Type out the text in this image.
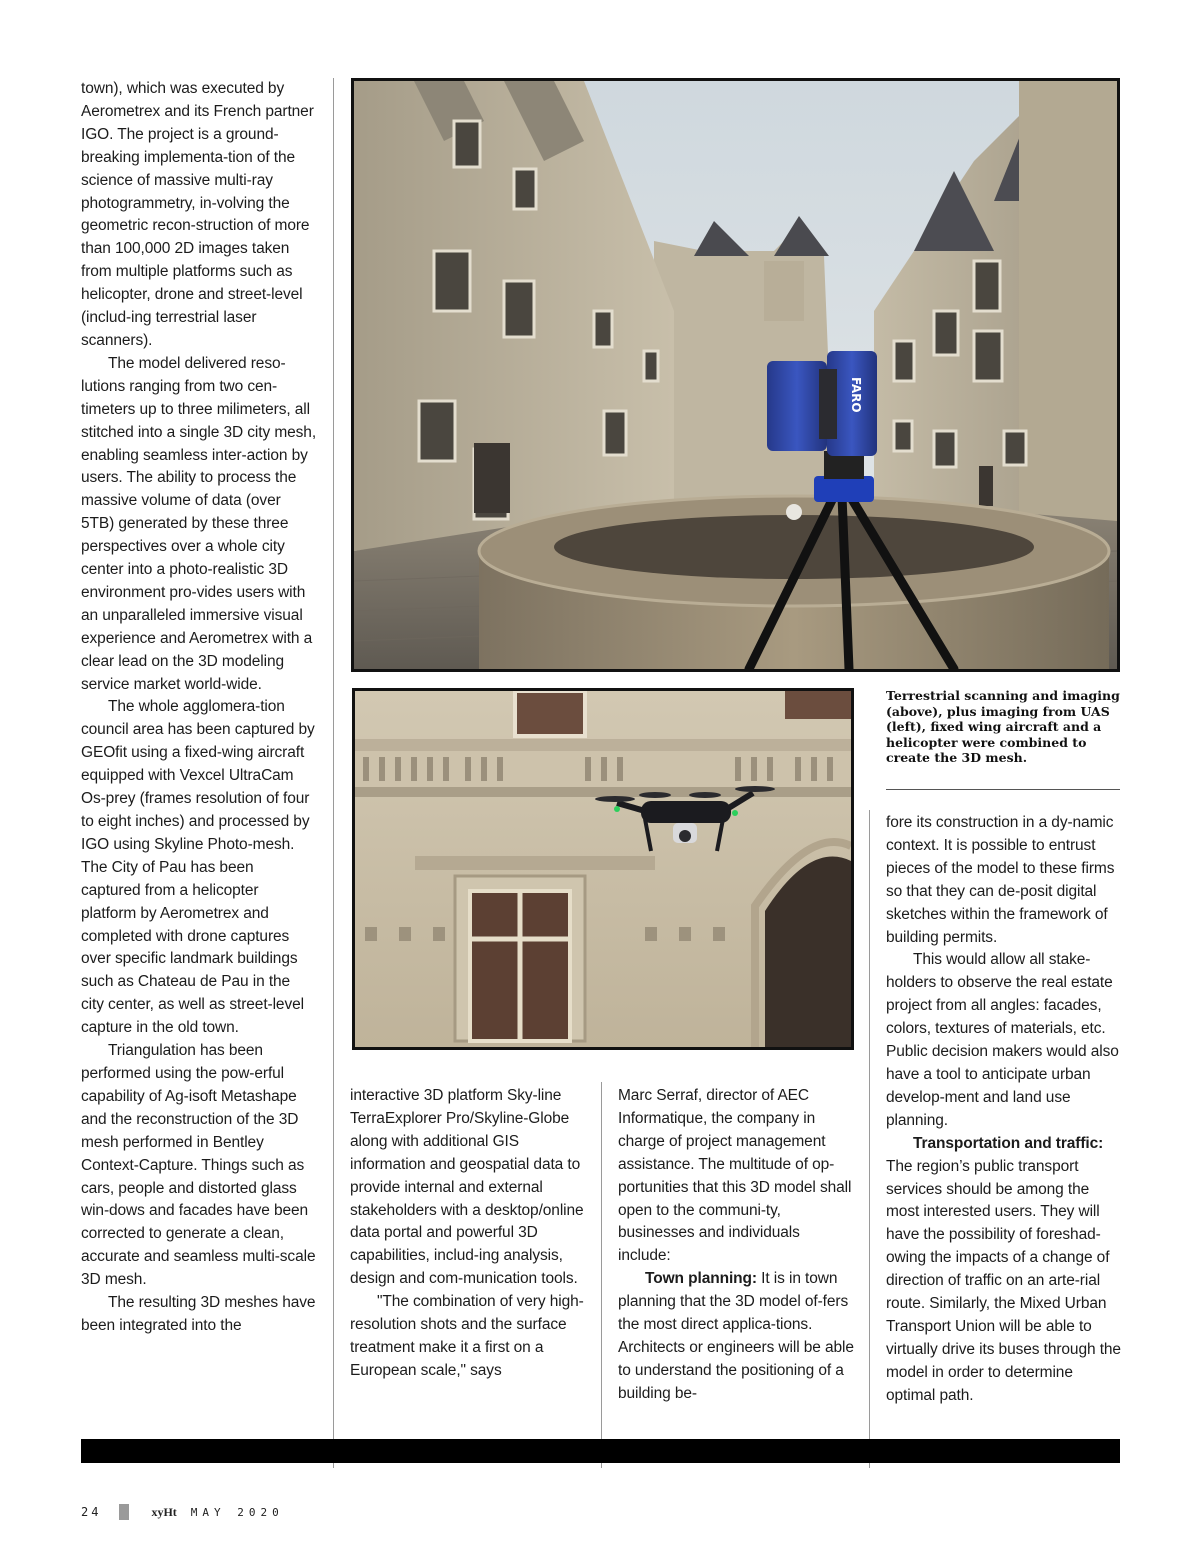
town), which was executed by Aerometrex and its French partner IGO. The project is a ground-breaking implementa-tion of the science of massive multi-ray photogrammetry, in-volving the geometric recon-struction of more than 100,000 2D images taken from multiple platforms such as helicopter, drone and street-level (includ-ing terrestrial laser scanners).

The model delivered reso-lutions ranging from two cen-timeters up to three milimeters, all stitched into a single 3D city mesh, enabling seamless inter-action by users. The ability to process the massive volume of data (over 5TB) generated by these three perspectives over a whole city center into a photo-realistic 3D environment pro-vides users with an unparalleled immersive visual experience and Aerometrex with a clear lead on the 3D modeling service market world-wide.

The whole agglomera-tion council area has been captured by GEOfit using a fixed-wing aircraft equipped with Vexcel UltraCam Os-prey (frames resolution of four to eight inches) and processed by IGO using Skyline Photo-mesh. The City of Pau has been captured from a helicopter platform by Aerometrex and completed with drone captures over specific landmark buildings such as Chateau de Pau in the city center, as well as street-level capture in the old town.

Triangulation has been performed using the pow-erful capability of Ag-isoft Metashape and the reconstruction of the 3D mesh performed in Bentley Context-Capture. Things such as cars, people and distorted glass win-dows and facades have been corrected to generate a clean, accurate and seamless multi-scale 3D mesh.

The resulting 3D meshes have been integrated into the

FARO
Terrestrial scanning and imaging (above), plus imaging from UAS (left), fixed wing aircraft and a helicopter were combined to create the 3D mesh.

interactive 3D platform Sky-line TerraExplorer Pro/Skyline-Globe along with additional GIS information and geospatial data to provide internal and external stakeholders with a desktop/online data portal and powerful 3D capabilities, includ-ing analysis, design and com-munication tools.

"The combination of very high-resolution shots and the surface treatment make it a first on a European scale," says

Marc Serraf, director of AEC Informatique, the company in charge of project management assistance. The multitude of op-portunities that this 3D model shall open to the communi-ty, businesses and individuals include:

Town planning: It is in town planning that the 3D model of-fers the most direct applica-tions. Architects or engineers will be able to understand the positioning of a building be-

fore its construction in a dy-namic context. It is possible to entrust pieces of the model to these firms so that they can de-posit digital sketches within the framework of building permits.

This would allow all stake-holders to observe the real estate project from all angles: facades, colors, textures of materials, etc. Public decision makers would also have a tool to anticipate urban develop-ment and land use planning.

Transportation and traffic: The region’s public transport services should be among the most interested users. They will have the possibility of foreshad-owing the impacts of a change of direction of traffic on an arte-rial route. Similarly, the Mixed Urban Transport Union will be able to virtually drive its buses through the model in order to determine optimal path.

24	xyHt MAY 2020
